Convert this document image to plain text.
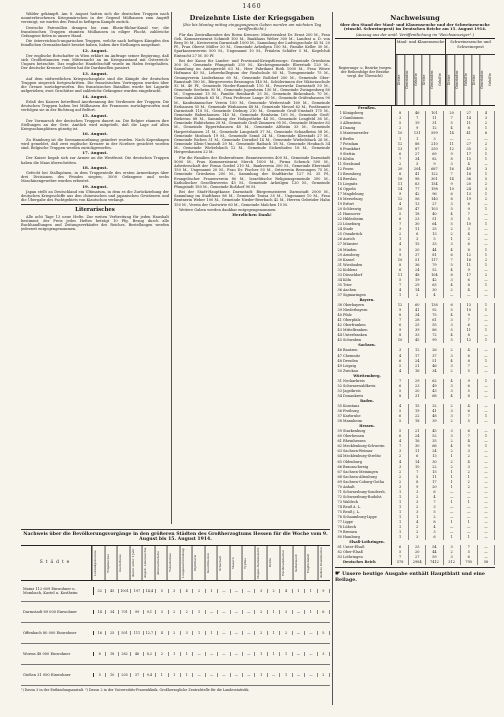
1460

Wälder gekämpft. Am 8. August hatten sich die deutschen Truppen nach ununterbrochenen Kriegsmärschen in der Gegend Mülhausen zum Angriff vereinigt; sie warfen den Feind in heftigem Kampfe zurück.

Deutsche Patrouillen drangen bis zum Rhein-Rhône-Kanal vor; die französischen Truppen räumten Mülhausen in eiliger Flucht, zahlreiche Gefangene fielen in unsere Hand.

Die österreichisch-ungarischen Truppen, welche nach heftigen Kämpfen den feindlichen Grenzabschnitt besetzt haben, haben ihre Stellungen ausgebaut.

12. August.

Der englische Botschafter in Wien erklärt im Auftrage seiner Regierung, daß sich Großbritannien vom Mitternacht an im Kriegszustand mit Österreich-Ungarn betrachte. Das englische Handelsschiff wurde im Hafen festgehalten. Der deutsche Kreuzer Goeben hat die Dardanellen passiert.

13. August.

Auf dem südwestlichen Kriegsschauplatz sind die Kämpfe der deutschen Truppen siegreich fortgeschritten. Die französischen Vortruppen wurden über die Grenze zurückgeworfen. Ein französisches Bataillon wurde bei Lagarde aufgerieben; zwei Geschütze und zahlreiche Gefangene wurden eingebracht.

14. August.

Erlaß des Kaisers betreffend Anerkennung der Verdienste der Truppen. Die deutschen Truppen haben bei Mülhausen die Franzosen zurückgeworfen und verfolgen sie in der Richtung auf Belfort.

15. August.

Der Vormarsch der deutschen Truppen dauert an. Die Belgier räumen ihre Stellungen an der Gete. Amtlich wird mitgeteilt, daß die Lage auf allen Kriegsschauplätzen günstig ist.

16. August.

Zu Hamburg ist die Seemannsordnung geändert worden. Nach Kopenhagen wird gemeldet, daß zwei englische Kreuzer in der Nordsee gesichtet worden sind. Belgische Truppen werden zurückgeworfen.

17. August.

Der Kaiser begab sich zur Armee an die Westfront. Die deutschen Truppen haben die Maas überschritten.

18. August.

Gefecht bei Stallupönen, in dem Truppenteile des ersten Armeekorps über drei Divisionen des Feindes siegten; 3000 Gefangene und sechs Maschinengewehre wurden erbeutet.

19. August.

Japan stellt an Deutschland ein Ultimatum, in dem es die Zurückziehung der deutschen Kriegsschiffe aus den chinesischen und japanischen Gewässern und die Übergabe des Pachtgebiets von Kiautschou verlangt.

Literarisches

Alle acht Tage 13 neue Hefte. Zur weiten Verbreitung für jeden Haushalt bestimmt; der Preis jedes Heftes beträgt 10 Pfg. Bezug durch alle Buchhandlungen und Zeitungsverkäufer des Reiches. Bestellungen werden jederzeit entgegengenommen.

Dreizehnte Liste der Kriegsgaben
(Die bis Montag mittag eingegangenen Gaben werden am nächsten Tag veröffentlicht.)

Für das Zentralkomitee des Roten Kreuzes: Ministerialrat Dr. Ernst 200 M., Frau Geh. Kommerzienrat Schmidt 100 M., Bankhaus Weber 300 M., Landrat a. D. von Berg 50 M., Kreisverein Darmstadt 1000 M., Sammlung der Ludwigsschule 45 M. 20 Pf., Frau Oberst Müller 20 M., Gemeinde Arheilgen 150 M., Familie Keller 30 M., Sparkassenverein 500 M., Ungenannt 10 M., Fräulein Schäfer 5 M., Kegelclub Eintracht 27 M. 50 Pf.

Bei der Kasse für Landes- und Provinzial-Kriegsfürsorge: Gemeinde Griesheim 300 M., Gemeinde Pfungstadt 250 M., Kirchengemeinde Eberstadt 120 M., Sammlung im Amtsgericht 63 M., Herr Fabrikant Roth 1000 M., Frau Witwe Hofmann 40 M., Lehrerkollegium der Realschule 85 M., Turngemeinde 75 M., Gesangverein Liederkranz 60 M., Gemeinde Roßdorf 200 M., Gemeinde Ober-Ramstadt 180 M., Bürgerverein Bessungen 140 M., Schülerinnen der Viktoriaschule 92 M. 40 Pf., Gemeinde Nieder-Ramstadt 110 M., Feuerwehr Darmstadt 50 M., Gemeinde Seeheim 95 M., Gemeinde Jugenheim 130 M., Gemeinde Zwingenberg 80 M., Ungenannt 15 M., Familie Reinhardt 25 M., Gemeinde Bickenbach 70 M., Gemeinde Alsbach 65 M., Frau Professor Lange 30 M., Gemeinde Gräfenhausen 90 M., Kaufmännischer Verein 150 M., Gemeinde Weiterstadt 160 M., Gemeinde Erzhausen 55 M., Gemeinde Wixhausen 48 M., Gemeinde Messel 62 M., Postbeamte Darmstadt 118 M., Gemeinde Dieburg 210 M., Gemeinde Groß-Umstadt 175 M., Gemeinde Babenhausen 140 M., Gemeinde Reinheim 105 M., Gemeinde Groß-Bieberau 88 M., Sammlung der Hofapotheke 44 M., Gemeinde Lengfeld 36 M., Gemeinde Habitzheim 28 M., Gemeinde Groß-Zimmern 95 M., Gemeinde Münster 82 M., Gemeinde Eppertshausen 40 M., Gemeinde Altheim 33 M., Gemeinde Harpertshausen 21 M., Gemeinde Langstadt 37 M., Gemeinde Schaafheim 58 M., Gemeinde Mosbach 19 M., Gemeinde Semd 24 M., Gemeinde Kleestadt 27 M., Gemeinde Richen 31 M., Gemeinde Dorndiel 14 M., Gemeinde Wiebelsbach 26 M., Gemeinde Klein-Umstadt 29 M., Gemeinde Raibach 18 M., Gemeinde Heubach 34 M., Gemeinde Wiebelsbach 12 M., Gemeinde Sickenhofen 16 M., Gemeinde Hergershausen 22 M.

Für die Familien der Einberufenen: Beamtenverein 400 M., Gemeinde Darmstadt 5000 M., Frau Kommerzienrat Merck 1000 M., Firma Schenck 500 M., Arbeiterschaft der Firma Goebel 210 M., Bankverein 300 M., Gemeinde Eberstadt 150 M., Ungenannt 20 M., Frau Dr. Fischer 50 M., Ortsverein Bessungen 75 M., Gemeinde Griesheim 200 M., Sammlung der Stadtkirche 127 M. 35 Pf., Evangelischer Frauenverein 80 M., Israelitische Religionsgemeinde 300 M., Katholischer Gesellenverein 45 M., Gemeinde Arheilgen 120 M., Gemeinde Pfungstadt 180 M., Gemeinde Roßdorf 90 M.

Bei der Stadt-Hauptkasse Darmstadt: Bürgermeisterei Darmstadt 2000 M., Sammlung im Stadthaus 86 M., Gemeinde Traisa 35 M., Ungenannt 10 M., Frau Rentnerin Weber 100 M., Gemeinde Nieder-Beerbach 42 M., Herren Gebrüder Hahn 150 M., Verein der Gastwirte 60 M., Gemeinde Malchen 15 M.

Weitere Gaben werden dankbar entgegengenommen.

Herzlichen Dank!
Nachweisung
über den Stand der Maul- und Klauenseuche und der Schweineseuche (einschl. Schweinepest) im Deutschen Reiche am 15. August 1914.
(Auszug aus der amtl. Veröffentlichung im "Reichsanzeiger".)
Regierungs- u. Bezirke (wegen der Reihenfolge der Bezirke vergl. die Übersicht)
Maul- und Klauenseuche
Kreise	Gemeinden	Gehöfte	Kreise	Gemeinden	Gehöfte
Schweineseuche und Schweinepest
Kreise	Gemeinden	Gehöfte	Kreise	Gemeinden	Gehöfte
Preußen.
1 Königsberg	8	46	101	20	27	4
2 Gumbinnen	3	7	11	7	14	3
3 Allenstein	5	19	31	5	11	2
4 Danzig	2	9	12	4	8	1
5 Marienwerder	10	131	599	14	41	6
6 Berlin	1	1	3	—	—	—
7 Potsdam	12	88	210	11	27	2
8 Frankfurt	13	87	250	12	35	2
9 Stettin	6	27	69	9	17	1
10 Köslin	7	34	82	8	15	1
11 Stralsund	2	5	9	3	4	—
12 Posen	20	204	687	16	49	3
13 Bromberg	8	41	122	7	18	1
14 Breslau	16	98	301	14	36	5
15 Liegnitz	11	63	154	9	20	2
16 Oppeln	14	77	198	10	24	3
17 Magdeburg	9	42	96	6	13	1
18 Merseburg	12	56	140	8	19	2
19 Erfurt	4	13	27	3	6	—
20 Schleswig	10	47	103	5	9	1
21 Hannover	5	18	40	4	7	—
22 Hildesheim	6	23	51	3	5	—
23 Lüneburg	7	30	64	5	10	1
24 Stade	3	11	25	2	3	—
25 Osnabrück	2	6	13	2	4	—
26 Aurich	1	3	5	1	2	—
27 Münster	4	15	33	3	6	—
28 Minden	5	20	44	4	8	1
29 Arnsberg	9	37	81	6	12	1
30 Kassel	10	51	117	7	16	2
31 Wiesbaden	8	36	79	5	11	1
32 Koblenz	6	24	52	4	9	—
33 Düsseldorf	11	48	104	8	17	2
34 Köln	5	19	42	3	6	—
35 Trier	7	29	63	4	8	1
36 Aachen	4	14	30	2	4	—
37 Sigmaringen	1	2	4	—	—	—
Bayern.
38 Oberbayern	12	60	138	6	13	1
39 Niederbayern	9	41	92	5	10	1
40 Pfalz	8	34	75	4	9	—
41 Oberpfalz	7	28	61	3	7	—
42 Oberfranken	6	25	55	3	6	—
43 Mittelfranken	9	39	86	5	11	1
44 Unterfranken	8	33	72	4	8	—
45 Schwaben	10	45	99	5	12	1
Sachsen.
46 Bautzen	3	12	26	2	4	—
47 Chemnitz	4	17	37	3	6	—
48 Dresden	6	24	51	4	8	1
49 Leipzig	5	21	46	3	7	—
50 Zwickau	4	16	34	2	5	—
Württemberg.
51 Neckarkreis	7	29	62	4	9	1
52 Schwarzwaldkreis	6	23	49	3	6	—
53 Jagstkreis	5	20	43	3	5	—
54 Donaukreis	8	31	68	4	8	—
Baden.
55 Konstanz	4	15	32	2	4	—
56 Freiburg	5	19	41	3	6	—
57 Karlsruhe	6	22	48	3	7	1
58 Mannheim	5	18	39	2	5	—
Hessen.
59 Starkenburg	5	21	45	3	6	—
60 Oberhessen	6	24	52	3	7	1
61 Rheinhessen	4	16	35	2	4	—
62 Mecklenburg-Schwerin	7	30	66	4	9	1
63 Sachsen-Weimar	3	11	24	2	3	—
64 Mecklenburg-Strelitz	2	6	13	1	2	—
65 Oldenburg	4	14	30	2	4	—
66 Braunschweig	3	10	22	2	3	—
67 Sachsen-Meiningen	2	7	15	1	2	—
68 Sachsen-Altenburg	2	5	11	1	1	—
69 Sachsen-Coburg-Gotha	2	8	17	1	2	—
70 Anhalt	3	9	20	1	2	—
71 Schwarzburg-Sondersh.	1	3	6	—	—	—
72 Schwarzburg-Rudolst.	1	2	4	—	—	—
73 Waldeck	1	3	7	1	1	—
74 Reuß ä. L.	1	2	3	—	—	—
75 Reuß j. L.	1	3	5	—	—	—
76 Schaumburg-Lippe	1	1	2	—	—	—
77 Lippe	1	4	8	1	1	—
78 Lübeck	1	2	4	—	—	—
79 Bremen	1	2	3	—	—	—
80 Hamburg	1	3	6	1	1	—
Elsaß-Lothringen.
81 Unter-Elsaß	6	25	54	3	7	—
82 Ober-Elsaß	5	20	44	2	5	—
83 Lothringen	7	27	59	3	6	—
Deutsches Reich	578	2984	7412	312	795	58
☛ Unsere heutige Ausgabe enthält Hauptblatt und eine Beilage.
Nachweis über die Bevölkerungsvorgänge in den größeren Städten des Großherzogtums Hessen für die Woche vom 9. August bis 15. August 1914.
Städte	Lebendgeborene	Totgeborene	Gestorbene	davon unter 1 Jahr	Angeb. Lebensschw.	Altersschwäche	Tuberkulose	Lungenentzündung	Diphtherie	Keuchhusten	Scharlach	Masern	Typhus	Magen-Darmkatarrh	Krebs	Herzkrankheiten	Selbstmord	Unglücksfall	Andere Krankheiten
Mainz 112 609 Einwohner u. Mombach, Kastel u. Kostheim
32	45	1001	197	14,4	5	3	4	2	1	—	—	—	3	2	4	1	1	9
Darmstadt 89 000 Einwohner	14	34	701	99	9,1	3	2	2	1	—	—	—	—	2	1	3	—	1	6
Offenbach 80 000 Einwohner	16	25	501	111	12,7	4	2	3	1	1	—	—	—	2	1	2	—	—	5
Worms 48 000 Einwohner	8	18	282	46	8,2	2	1	1	—	—	—	—	—	1	1	1	—	—	3
Gießen 31 000 Einwohner	5	10	205	37	9,4	1	1	1	—	—	—	—	—	1	—	1	—	—	2
¹) Davon 3 in der Entbindungsanstalt. ²) Davon 2 in der Universitäts-Frauenklinik. Großherzogliche Zentralstelle für die Landesstatistik.
